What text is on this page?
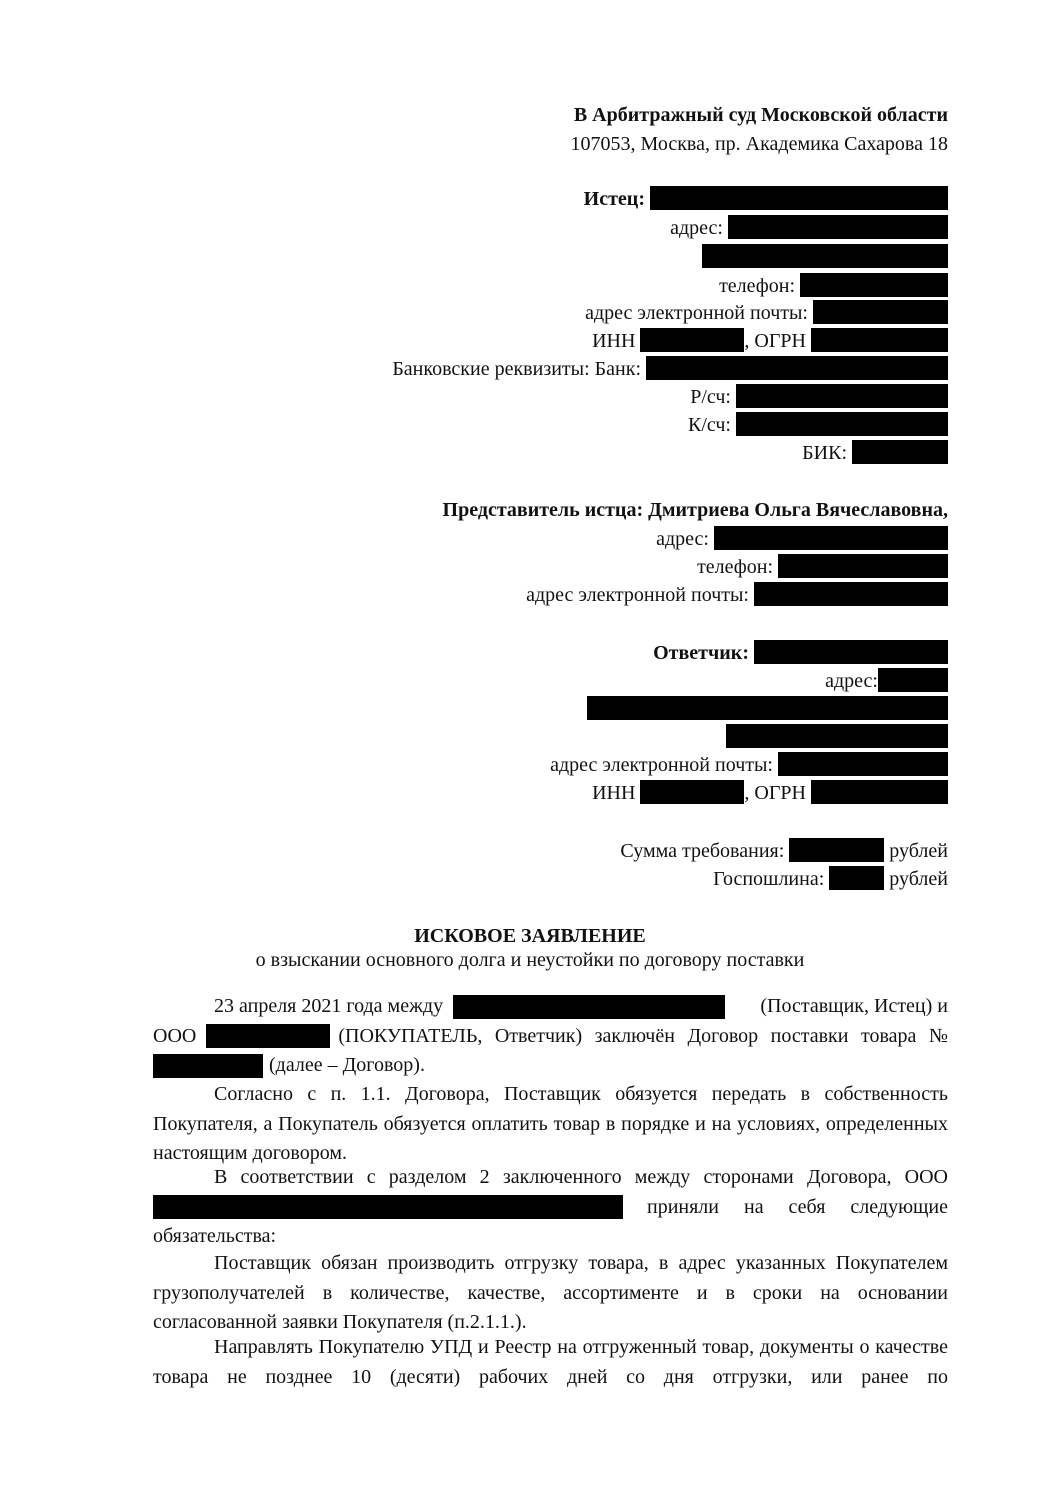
В Арбитражный суд Московской области
107053, Москва, пр. Академика Сахарова 18
Истец:
адрес:
телефон:
адрес электронной почты:
ИНН	, ОГРН
Банковские реквизиты: Банк:
Р/сч:
К/сч:
БИК:
Представитель истца: Дмитриева Ольга Вячеславовна,
адрес:
телефон:
адрес электронной почты:
Ответчик:
адрес:
адрес электронной почты:
ИНН	, ОГРН
Сумма требования:	рублей
Госпошлина:	рублей
ИСКОВОЕ ЗАЯВЛЕНИЕ
о взыскании основного долга и неустойки по договору поставки
23 апреля 2021 года между	(Поставщик, Истец) и
ООО	(ПОКУПАТЕЛЬ, Ответчик) заключён Договор поставки товара №
(далее – Договор).
Согласно с п. 1.1. Договора, Поставщик обязуется передать в собственность Покупателя, а Покупатель обязуется оплатить товар в порядке и на условиях, определенных настоящим договором.
В соответствии с разделом 2 заключенного между сторонами Договора, ООО
приняли на себя следующие
обязательства:
Поставщик обязан производить отгрузку товара, в адрес указанных Покупателем грузополучателей в количестве, качестве, ассортименте и в сроки на основании согласованной заявки Покупателя (п.2.1.1.).
Направлять Покупателю УПД и Реестр на отгруженный товар, документы о качестве товара не позднее 10 (десяти) рабочих дней со дня отгрузки, или ранее по
